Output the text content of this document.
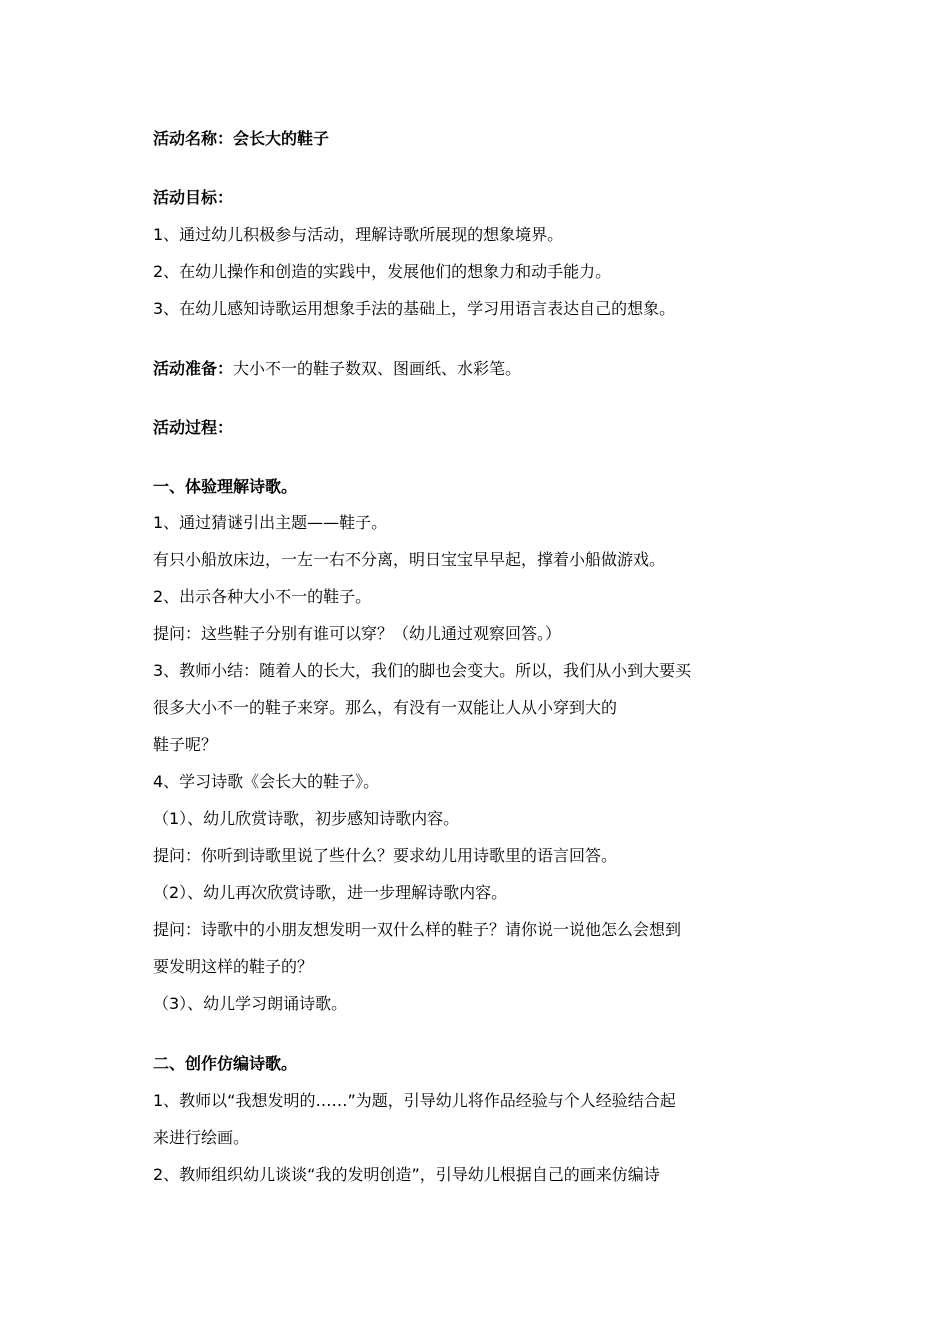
活动名称：会长大的鞋子
活动目标：
1、通过幼儿积极参与活动，理解诗歌所展现的想象境界。
2、在幼儿操作和创造的实践中，发展他们的想象力和动手能力。
3、在幼儿感知诗歌运用想象手法的基础上，学习用语言表达自己的想象。
活动准备：大小不一的鞋子数双、图画纸、水彩笔。
活动过程：
一、体验理解诗歌。
1、通过猜谜引出主题——鞋子。
有只小船放床边，一左一右不分离，明日宝宝早早起，撑着小船做游戏。
2、出示各种大小不一的鞋子。
提问：这些鞋子分别有谁可以穿？（幼儿通过观察回答。）
3、教师小结：随着人的长大，我们的脚也会变大。所以，我们从小到大要买
很多大小不一的鞋子来穿。那么，有没有一双能让人从小穿到大的
鞋子呢？
4、学习诗歌《会长大的鞋子》。
（1）、幼儿欣赏诗歌，初步感知诗歌内容。
提问：你听到诗歌里说了些什么？要求幼儿用诗歌里的语言回答。
（2）、幼儿再次欣赏诗歌，进一步理解诗歌内容。
提问：诗歌中的小朋友想发明一双什么样的鞋子？请你说一说他怎么会想到
要发明这样的鞋子的？
（3）、幼儿学习朗诵诗歌。
二、创作仿编诗歌。
1、教师以“我想发明的……”为题，引导幼儿将作品经验与个人经验结合起
来进行绘画。
2、教师组织幼儿谈谈“我的发明创造”，引导幼儿根据自己的画来仿编诗
